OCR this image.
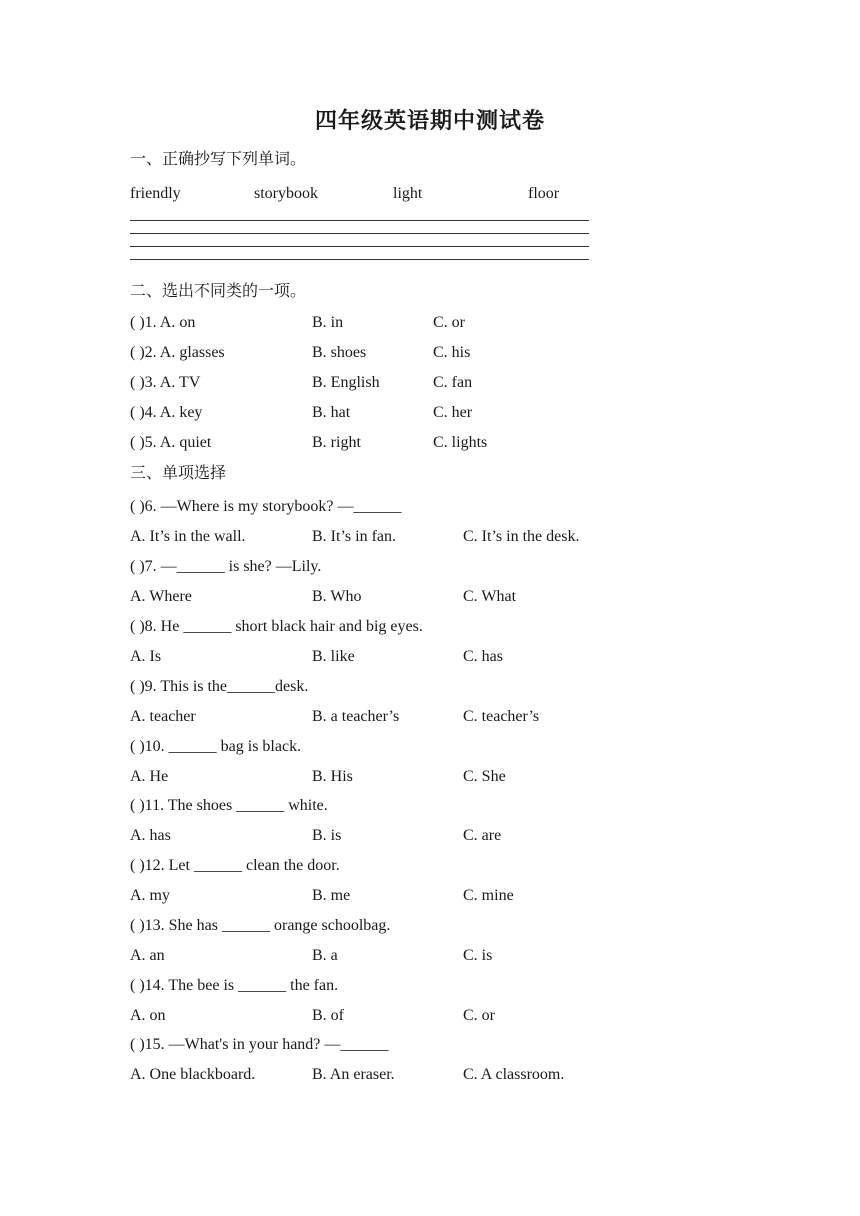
四年级英语期中测试卷
一、正确抄写下列单词。
friendly	storybook	light	floor
二、选出不同类的一项。
( )1. A. on	B. in	C. or
( )2. A. glasses	B. shoes	C. his
( )3. A. TV	B. English	C. fan
( )4. A. key	B. hat	C. her
( )5. A. quiet	B. right	C. lights
三、单项选择
( )6. —Where is my storybook? —______
A. It’s in the wall.	B. It’s in fan.	C. It’s in the desk.
( )7. —______ is she? —Lily.
A. Where	B. Who	C. What
( )8. He ______ short black hair and big eyes.
A. Is	B. like	C. has
( )9. This is the______desk.
A. teacher	B. a teacher’s	C. teacher’s
( )10. ______ bag is black.
A. He	B. His	C. She
( )11. The shoes ______ white.
A. has	B. is	C. are
( )12. Let ______ clean the door.
A. my	B. me	C. mine
( )13. She has ______ orange schoolbag.
A. an	B. a	C. is
( )14. The bee is ______ the fan.
A. on	B. of	C. or
( )15. —What's in your hand? —______
A. One blackboard.	B. An eraser.	C. A classroom.
